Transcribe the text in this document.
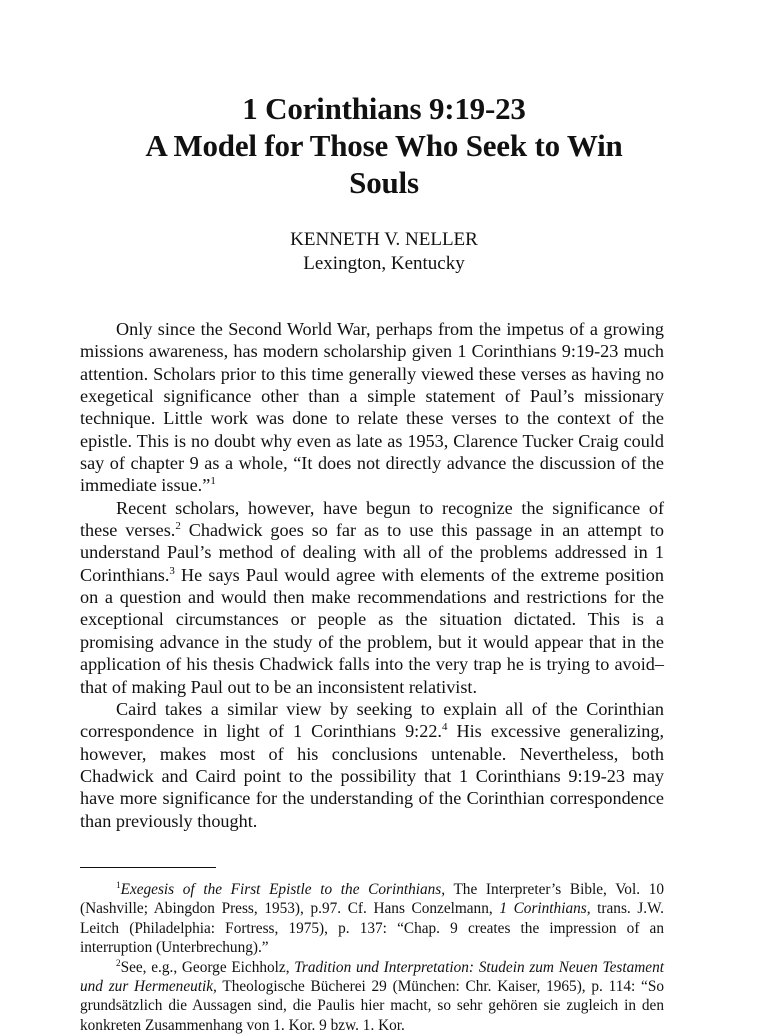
1 Corinthians 9:19-23
A Model for Those Who Seek to Win
Souls
KENNETH V. NELLER
Lexington, Kentucky

Only since the Second World War, perhaps from the impetus of a growing missions awareness, has modern scholarship given 1 Corinthians 9:19-23 much attention. Scholars prior to this time generally viewed these verses as having no exegetical significance other than a simple statement of Paul’s missionary technique. Little work was done to relate these verses to the context of the epistle. This is no doubt why even as late as 1953, Clarence Tucker Craig could say of chapter 9 as a whole, “It does not directly advance the discussion of the immediate issue.”$^1$

Recent scholars, however, have begun to recognize the significance of these verses.$^2$ Chadwick goes so far as to use this passage in an attempt to understand Paul’s method of dealing with all of the problems addressed in 1 Corinthians.$^3$ He says Paul would agree with elements of the extreme position on a question and would then make recommendations and restrictions for the exceptional circumstances or people as the situation dictated. This is a promising advance in the study of the problem, but it would appear that in the application of his thesis Chadwick falls into the very trap he is trying to avoid–that of making Paul out to be an inconsistent relativist.

Caird takes a similar view by seeking to explain all of the Corinthian correspondence in light of 1 Corinthians 9:22.$^4$ His excessive generalizing, however, makes most of his conclusions untenable. Nevertheless, both Chadwick and Caird point to the possibility that 1 Corinthians 9:19-23 may have more significance for the understanding of the Corinthian correspondence than previously thought.

$^1$Exegesis of the First Epistle to the Corinthians, The Interpreter’s Bible, Vol. 10 (Nashville; Abingdon Press, 1953), p.97. Cf. Hans Conzelmann, 1 Corinthians, trans. J.W. Leitch (Philadelphia: Fortress, 1975), p. 137: “Chap. 9 creates the impression of an interruption (Unterbrechung).”

$^2$See, e.g., George Eichholz, Tradition und Interpretation: Studein zum Neuen Testament und zur Hermeneutik, Theologische Bücherei 29 (München: Chr. Kaiser, 1965), p. 114: “So grundsätzlich die Aussagen sind, die Paulis hier macht, so sehr gehören sie zugleich in den konkreten Zusammenhang von 1. Kor. 9 bzw. 1. Kor.
